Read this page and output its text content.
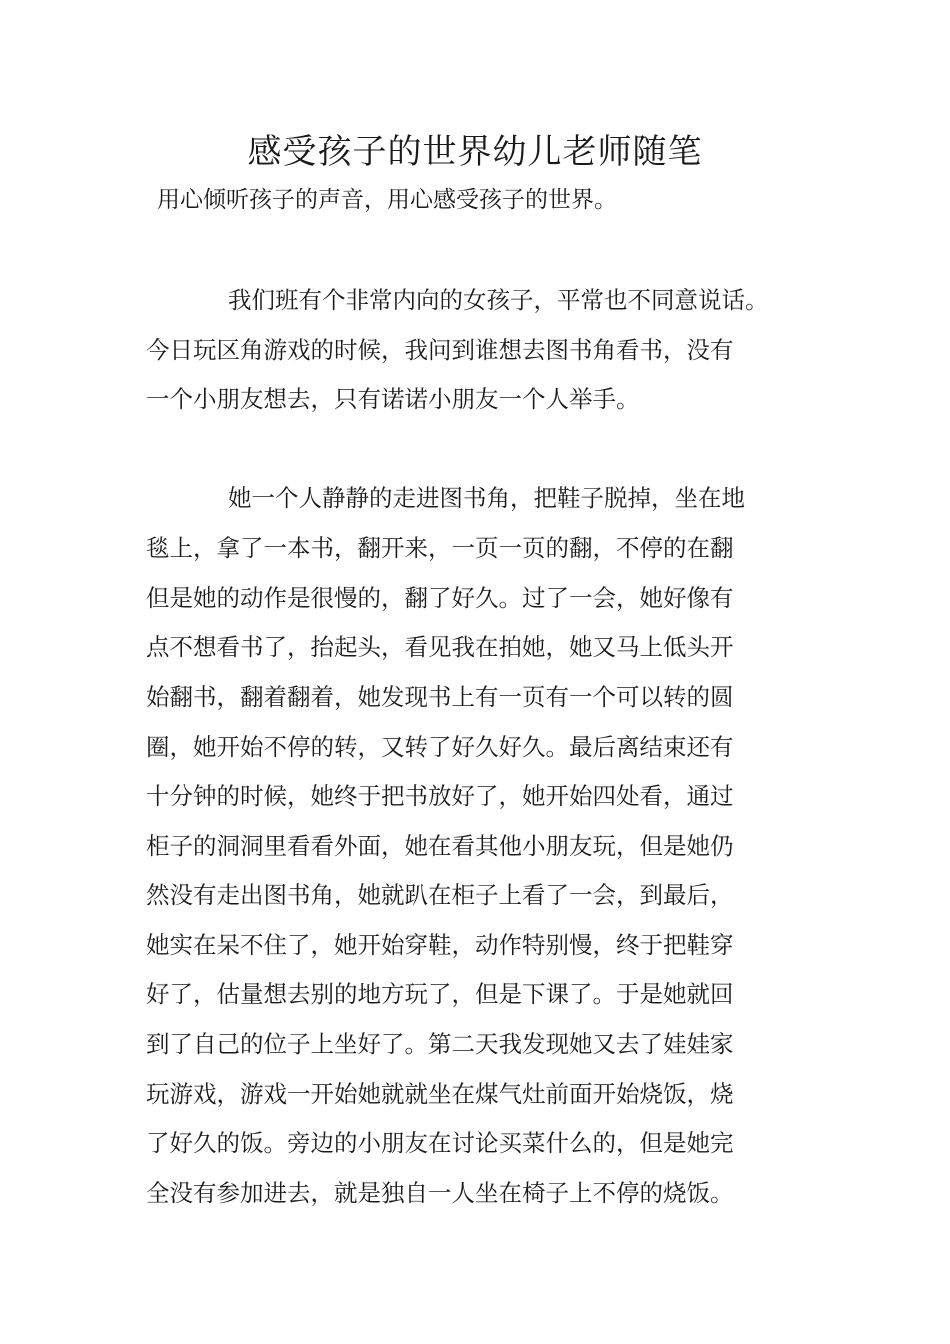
感受孩子的世界幼儿老师随笔

用心倾听孩子的声音，用心感受孩子的世界。

我们班有个非常内向的女孩子，平常也不同意说话。

今日玩区角游戏的时候，我问到谁想去图书角看书，没有

一个小朋友想去，只有诺诺小朋友一个人举手。

她一个人静静的走进图书角，把鞋子脱掉，坐在地

毯上，拿了一本书，翻开来，一页一页的翻，不停的在翻

但是她的动作是很慢的，翻了好久。过了一会，她好像有

点不想看书了，抬起头，看见我在拍她，她又马上低头开

始翻书，翻着翻着，她发现书上有一页有一个可以转的圆

圈，她开始不停的转，又转了好久好久。最后离结束还有

十分钟的时候，她终于把书放好了，她开始四处看，通过

柜子的洞洞里看看外面，她在看其他小朋友玩，但是她仍

然没有走出图书角，她就趴在柜子上看了一会，到最后，

她实在呆不住了，她开始穿鞋，动作特别慢，终于把鞋穿

好了，估量想去别的地方玩了，但是下课了。于是她就回

到了自己的位子上坐好了。第二天我发现她又去了娃娃家

玩游戏，游戏一开始她就就坐在煤气灶前面开始烧饭，烧

了好久的饭。旁边的小朋友在讨论买菜什么的，但是她完

全没有参加进去，就是独自一人坐在椅子上不停的烧饭。
